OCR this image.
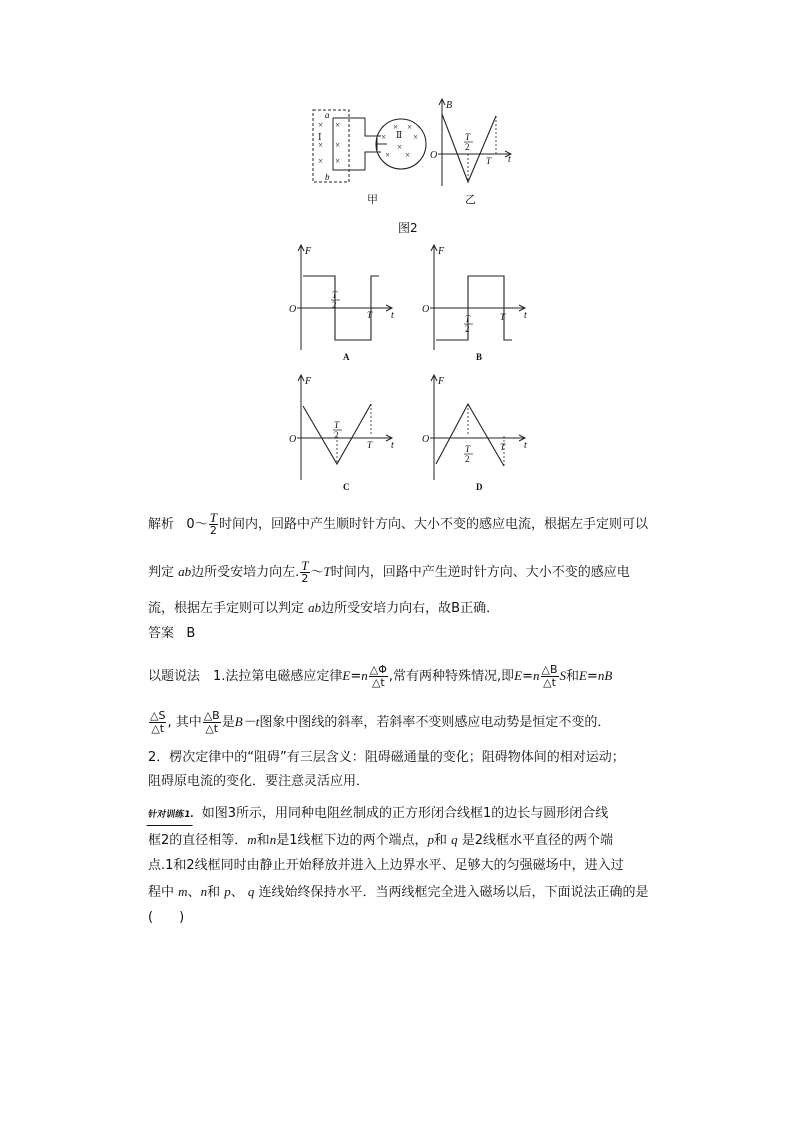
a
b
Ⅰ	Ⅱ
× ×
× ×
× ×
× ×
×	×
×
× ×
甲
B
t
O
T
2
T
乙
图2
F
t
O
T
2
T
A
F
t
O
T
2
T
B
F
t
O
T
2
T
C
F
t
O
T
2
T
D
解析 0～ $\frac{T}{2}$ 时间内，回路中产生顺时针方向、大小不变的感应电流，根据左手定则可以
判定 ab边所受安培力向左. $\frac{T}{2}$ ～T时间内，回路中产生逆时针方向、大小不变的感应电
流，根据左手定则可以判定 ab边所受安培力向右，故B正确．
答案 B
以题说法　1.法拉第电磁感应定律$E=n \frac{\triangle\Phi}{\triangle t}$ ,常有两种特殊情况,即$E=n \frac{\triangle B}{\triangle t}$ S和E=nB
$\frac{\triangle S}{\triangle t}$ , 其中 $\frac{\triangle B}{\triangle t}$ 是B－t图象中图线的斜率，若斜率不变则感应电动势是恒定不变的．
2．楞次定律中的“阻碍”有三层含义：阻碍磁通量的变化；阻碍物体间的相对运动；
阻碍原电流的变化．要注意灵活应用．
针对训练1. 如图3所示，用同种电阻丝制成的正方形闭合线框1的边长与圆形闭合线
框2的直径相等．m和n是1线框下边的两个端点，p和 q 是2线框水平直径的两个端
点.1和2线框同时由静止开始释放并进入上边界水平、足够大的匀强磁场中，进入过
程中 m、n和 p、 q 连线始终保持水平．当两线框完全进入磁场以后，下面说法正确的是
(　　)
